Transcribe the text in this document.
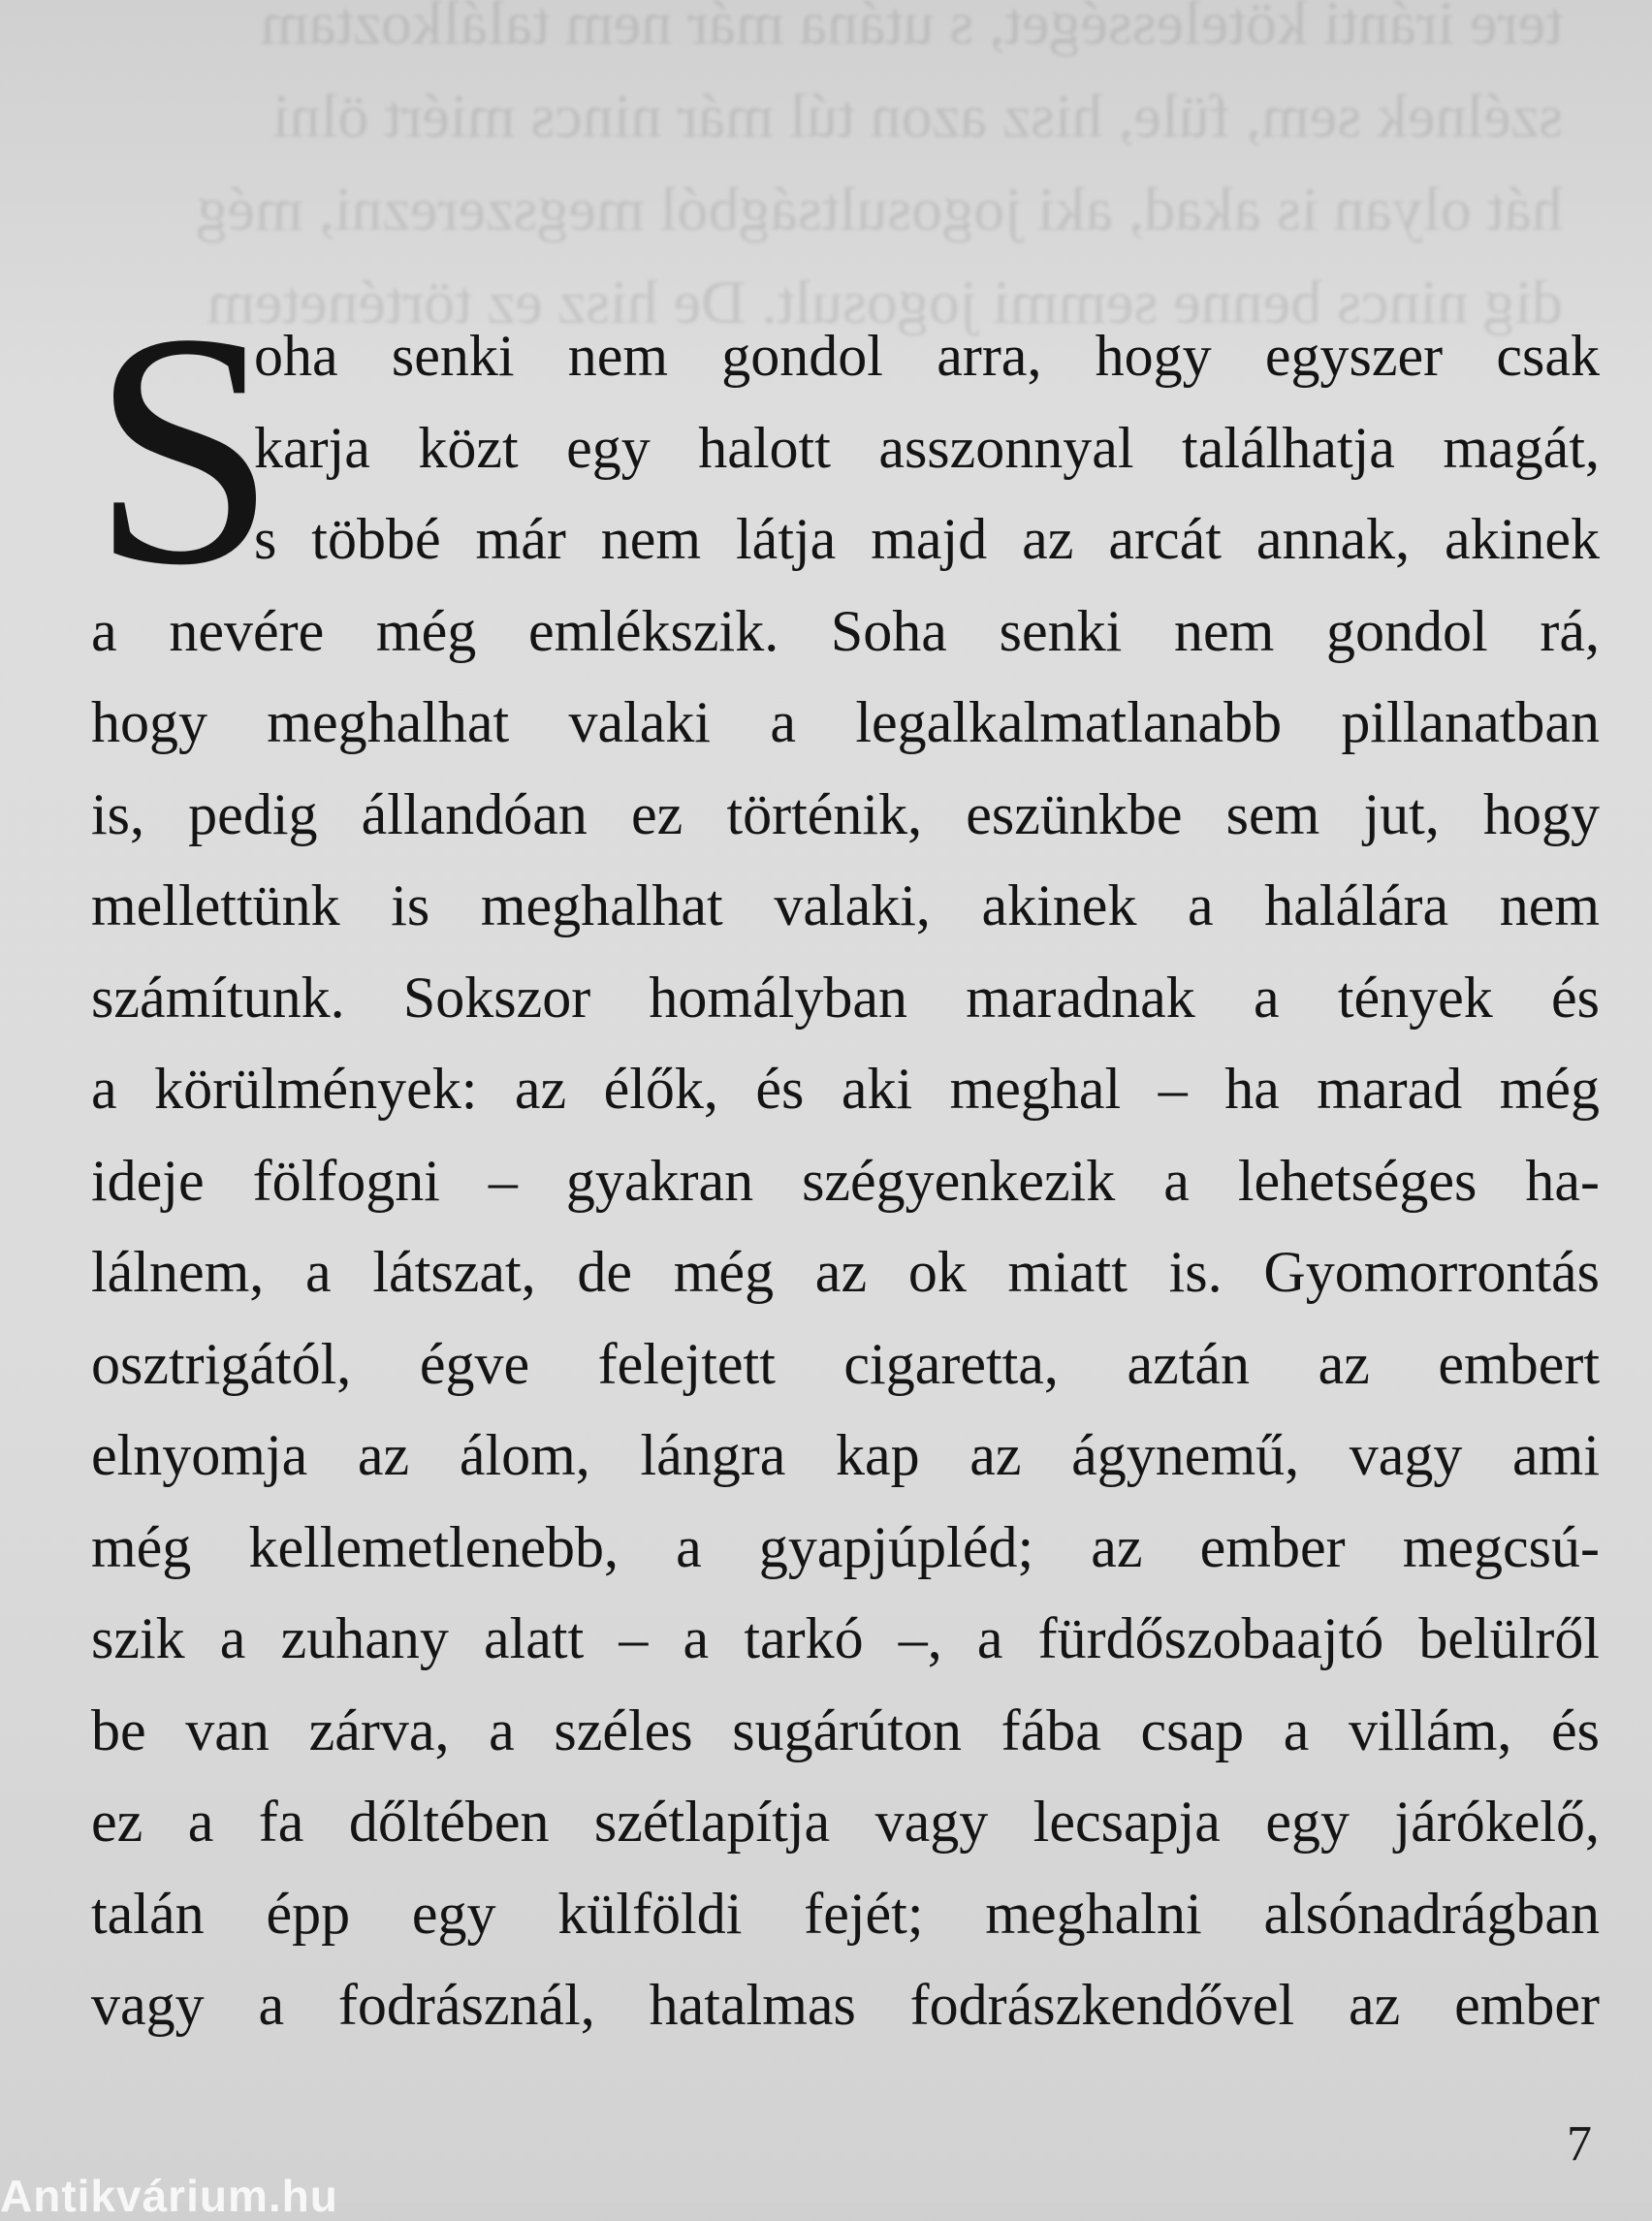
tere iránti kötelességet, s utána már nem találkoztam
szélnek sem, füle, hisz azon túl már nincs miért ölni
hát olyan is akad, aki jogosultságból megszerezni, még
dig nincs benne semmi jogosult. De hisz ez történetem
S
oha senki nem gondol arra, hogy egyszer csak
karja közt egy halott asszonnyal találhatja magát,
s többé már nem látja majd az arcát annak, akinek
a nevére még emlékszik. Soha senki nem gondol rá,
hogy meghalhat valaki a legalkalmatlanabb pillanatban
is, pedig állandóan ez történik, eszünkbe sem jut, hogy
mellettünk is meghalhat valaki, akinek a halálára nem
számítunk. Sokszor homályban maradnak a tények és
a körülmények: az élők, és aki meghal – ha marad még
ideje fölfogni – gyakran szégyenkezik a lehetséges ha-
lálnem, a látszat, de még az ok miatt is. Gyomorrontás
osztrigától, égve felejtett cigaretta, aztán az embert
elnyomja az álom, lángra kap az ágynemű, vagy ami
még kellemetlenebb, a gyapjúpléd; az ember megcsú-
szik a zuhany alatt – a tarkó –, a fürdőszobaajtó belülről
be van zárva, a széles sugárúton fába csap a villám, és
ez a fa dőltében szétlapítja vagy lecsapja egy járókelő,
talán épp egy külföldi fejét; meghalni alsónadrágban
vagy a fodrásznál, hatalmas fodrászkendővel az ember
7
Antikvárium.hu
